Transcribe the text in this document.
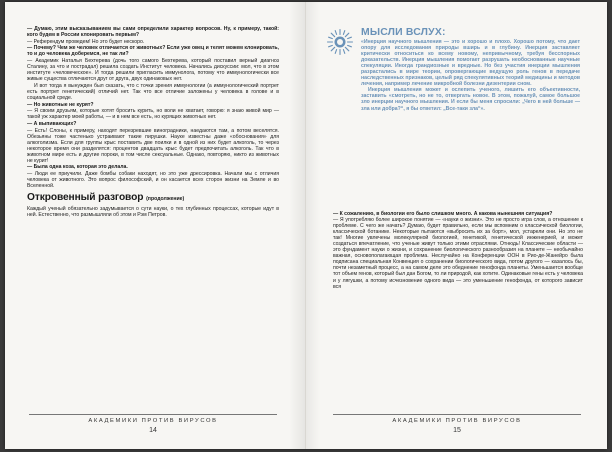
— Думаю, этим высказыванием вы сами определили характер вопросов. Ну, к примеру, такой: кого будем в России клонировать первым?

— Референдум проведем! Но это будет нескоро.

— Почему? Чем же человек отличается от животных? Если уже овец и телят можем клонировать, то и до человека доберемся, не так ли?

— Академик Наталья Бехтерева (дочь того самого Бехтерева, который поставил верный диагноз Сталину, за что и пострадал) решила создать Институт человека. Начались дискуссии: мол, что в этом институте «человеческое». И тогда решили пригласить иммунолога, потому что иммунологически все живые существа отличаются друг от друга, двух одинаковых нет.

И вот тогда я вынужден был сказать, что с точки зрения иммунологии (а иммунологический портрет есть портрет генетический) отличий нет. Так что все отличие заложены у человека в голове и в социальной среде.

— Но животные не курят?

— Я своим друзьям, которые хотят бросить курить, но воли не хватает, говорю: я знаю живой мир — такой уж характер моей работы, — и в нем все есть, но курящих животных нет.

— А выпивающих?

— Есть! Слоны, к примеру, находят перезревшие виноградники, наедаются там, а потом веселятся. Обезьяны тоже частенько устраивают такие пирушки. Науке известны даже «обоснования» для алкоголизма. Если для группы крыс поставить две поилки и в одной из них будет алкоголь, то через некоторое время они разделятся: процентов двадцать крыс будет предпочитать алкоголь. Так что в животном мире есть и другие пороки, в том числе сексуальные. Однако, повторяю, никто из животных не курит!

— Была одна коза, которая это делала.

— Люди ее приучили. Даже бомбы собаки находят, но это уже дрессировка. Начали мы с отличия человека от животного. Это вопрос философский, и он касается всех сторон жизни на Земле и во Вселенной.

Откровенный разговор (продолжение)

Каждый ученый обязательно задумывается о сути науки, о тех глубинных процессах, которые идут в ней. Естественно, что размышляли об этом и Рэм Петров.

АКАДЕМИКИ ПРОТИВ ВИРУСОВ
14
МЫСЛИ ВСЛУХ:

«Инерция научного мышления — это и хорошо и плохо. Хорошо потому, что дает опору для исследования природы вширь и в глубину. Инерция заставляет критически относиться ко всему новому, непривычному, требуя бесспорных доказательств. Инерция мышления помогает разрушать необоснованные научные спекуляции. Иногда грандиозные и вредные. Но без участия инерции мышления разрастались в мире теории, опровергающие ведущую роль генов в передаче наследственных признаков, целый ряд спекулятивных теорий медицины и методов лечения, например лечение микробной болезни дизентерии сном.

Инерция мышления может и ослепить ученого, лишить его объективности, заставить «смотреть, но не то, отвергать новое. В этом, пожалуй, самое большое зло инерции научного мышления. И если бы меня спросили: „Чего в ней больше — зла или добра?“, я бы ответил: „Все-таки зла“».

— К сожалению, в биологии его было слишком много. А какова нынешняя ситуация?

— Я употребляю более широкое понятие — «науки о жизни». Это не просто игра слов, а отношение к проблеме. С чего же начать? Думаю, будет правильно, если мы вспомним о классической биологии, классической ботанике. Некоторые пытаются «выбросить их за борт», мол, устарели они. Но это не так! Многие увлечены молекулярной биологией, генетикой, генетической инженерией, и может создаться впечатление, что ученые живут только этими отраслями. Отнюдь! Классические области — это фундамент науки о жизни, и сохранение биологического разнообразия на планете — необычайно важная, основополагающая проблема. Неслучайно на Конференции ООН в Рио-де-Жанейро была подписана специальная Конвенция о сохранении биологического вида, потом другого — казалось бы, почти незаметный процесс, а на самом деле это обеднение генофонда планеты. Уменьшается вообще тот объем генов, который был дан Богом, то ли природой, как хотите. Одинаковые гены есть у человека и у лягушки, а потому исчезновение одного вида — это уменьшение генофонда, от которого зависит вся

АКАДЕМИКИ ПРОТИВ ВИРУСОВ
15
